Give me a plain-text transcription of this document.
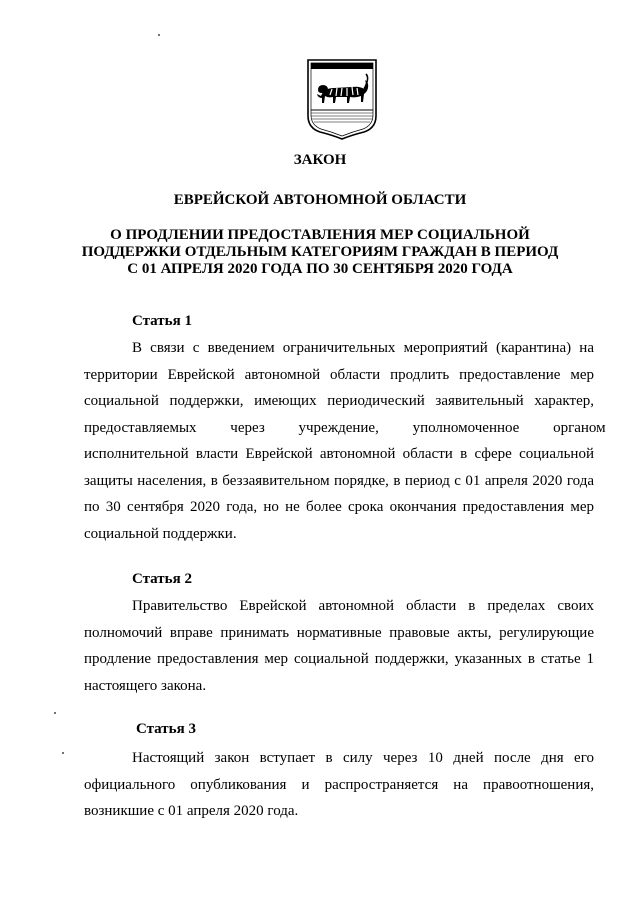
ЗАКОН
ЕВРЕЙСКОЙ АВТОНОМНОЙ ОБЛАСТИ
О ПРОДЛЕНИИ ПРЕДОСТАВЛЕНИЯ МЕР СОЦИАЛЬНОЙ
ПОДДЕРЖКИ ОТДЕЛЬНЫМ КАТЕГОРИЯМ ГРАЖДАН В ПЕРИОД
С 01 АПРЕЛЯ 2020 ГОДА ПО 30 СЕНТЯБРЯ 2020 ГОДА
Статья 1
В связи с введением ограничительных мероприятий (карантина) на
территории Еврейской автономной области продлить предоставление мер
социальной поддержки, имеющих периодический заявительный характер,
предоставляемых через учреждение, уполномоченное органом
исполнительной власти Еврейской автономной области в сфере социальной
защиты населения, в беззаявительном порядке, в период с 01 апреля 2020 года
по 30 сентября 2020 года, но не более срока окончания предоставления мер
социальной поддержки.
Статья 2
Правительство Еврейской автономной области в пределах своих
полномочий вправе принимать нормативные правовые акты, регулирующие
продление предоставления мер социальной поддержки, указанных в статье 1
настоящего закона.
Статья 3
Настоящий закон вступает в силу через 10 дней после дня его
официального опубликования и распространяется на правоотношения,
возникшие с 01 апреля 2020 года.
